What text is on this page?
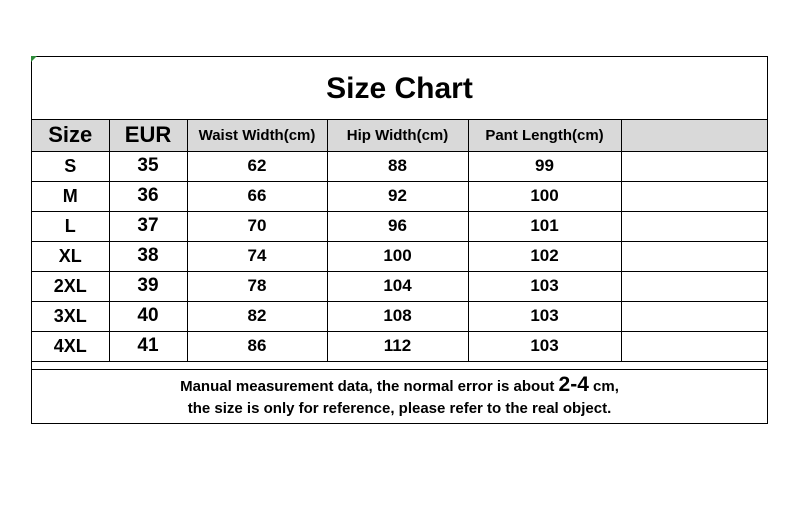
Size Chart
Size	EUR	Waist Width(cm)	Hip Width(cm)	Pant Length(cm)	
S	35	62	88	99	
M	36	66	92	100	
L	37	70	96	101	
XL	38	74	100	102	
2XL	39	78	104	103	
3XL	40	82	108	103	
4XL	41	86	112	103	
Manual measurement data, the normal error is about 2-4 cm,
the size is only for reference, please refer to the real object.
